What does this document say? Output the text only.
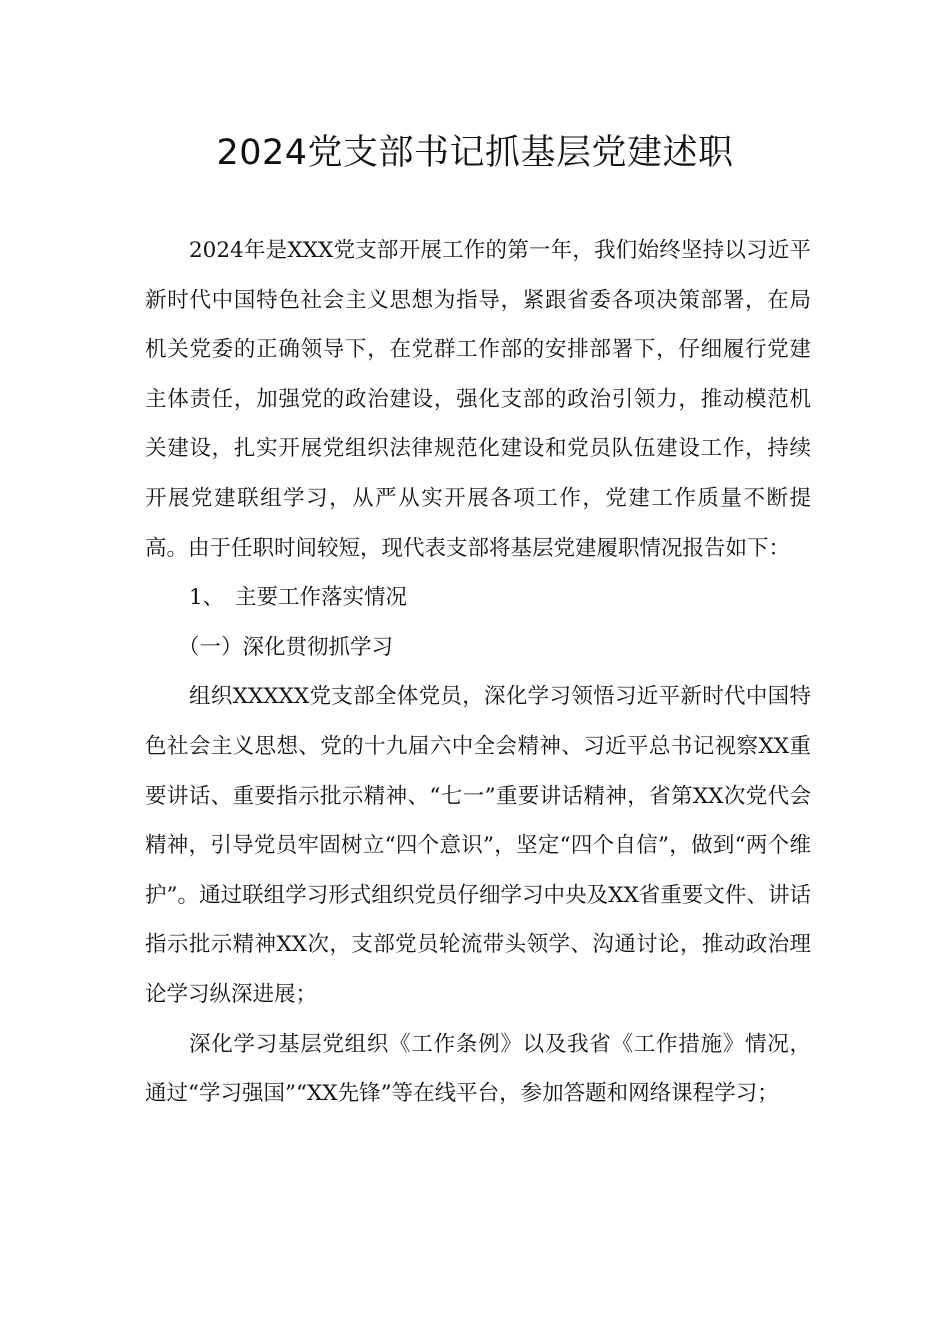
2024党支部书记抓基层党建述职

2024年是XXX党支部开展工作的第一年，我们始终坚持以习近平新时代中国特色社会主义思想为指导，紧跟省委各项决策部署，在局机关党委的正确领导下，在党群工作部的安排部署下，仔细履行党建主体责任，加强党的政治建设，强化支部的政治引领力，推动模范机关建设，扎实开展党组织法律规范化建设和党员队伍建设工作，持续开展党建联组学习，从严从实开展各项工作，党建工作质量不断提高。由于任职时间较短，现代表支部将基层党建履职情况报告如下：

1、 主要工作落实情况

（一）深化贯彻抓学习

组织XXXXX党支部全体党员，深化学习领悟习近平新时代中国特色社会主义思想、党的十九届六中全会精神、习近平总书记视察XX重要讲话、重要指示批示精神、“七一”重要讲话精神，省第XX次党代会精神，引导党员牢固树立“四个意识”，坚定“四个自信”，做到“两个维护”。通过联组学习形式组织党员仔细学习中央及XX省重要文件、讲话指示批示精神XX次，支部党员轮流带头领学、沟通讨论，推动政治理论学习纵深进展；

深化学习基层党组织《工作条例》以及我省《工作措施》情况，通过“学习强国”“XX先锋”等在线平台，参加答题和网络课程学习；
